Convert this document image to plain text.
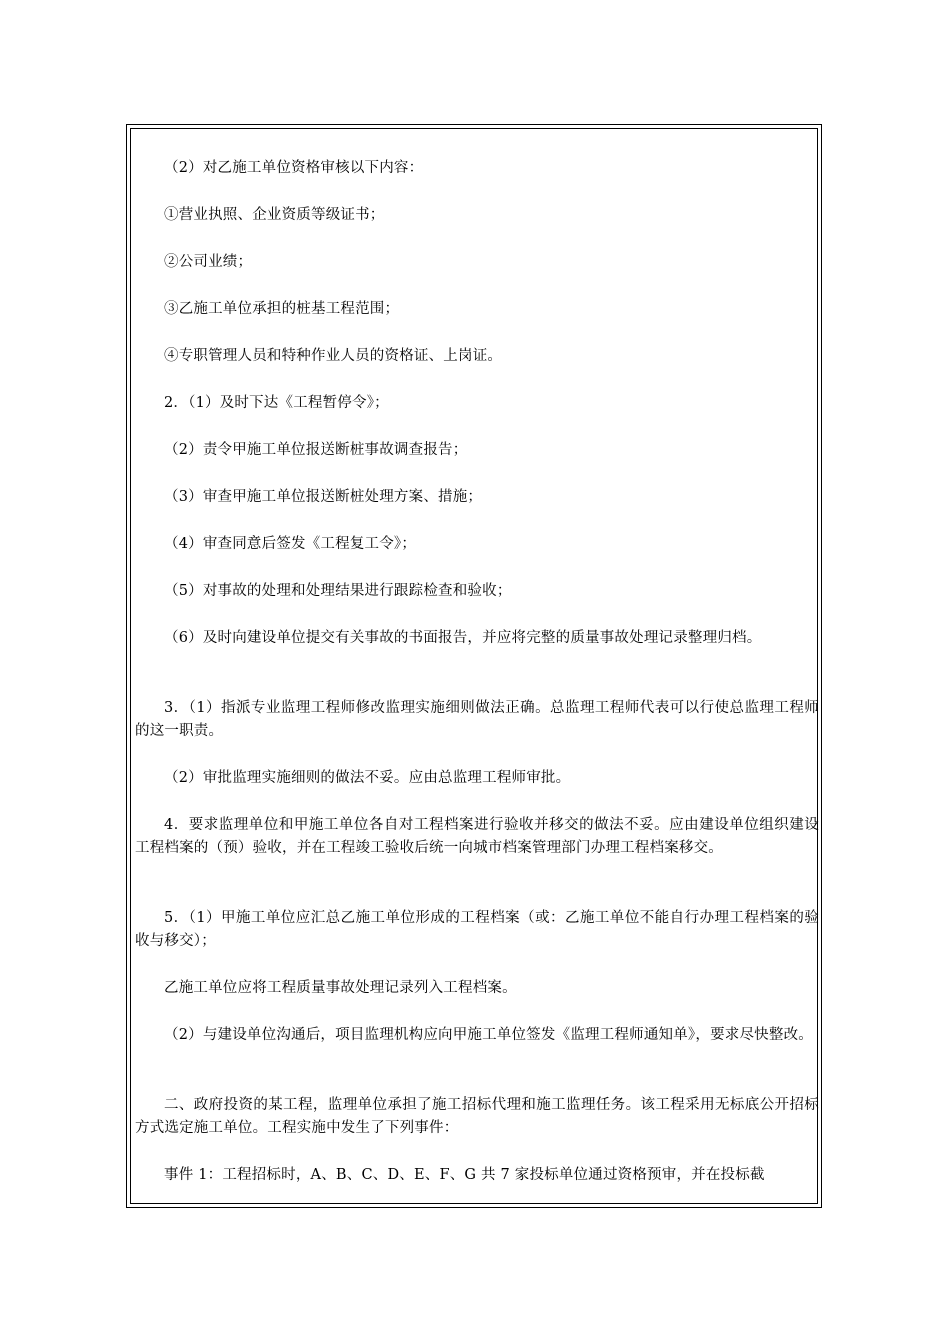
（2）对乙施工单位资格审核以下内容：
①营业执照、企业资质等级证书；
②公司业绩；
③乙施工单位承担的桩基工程范围；
④专职管理人员和特种作业人员的资格证、上岗证。
2．（1）及时下达《工程暂停令》；
（2）责令甲施工单位报送断桩事故调查报告；
（3）审查甲施工单位报送断桩处理方案、措施；
（4）审查同意后签发《工程复工令》；
（5）对事故的处理和处理结果进行跟踪检查和验收；
（6）及时向建设单位提交有关事故的书面报告，并应将完整的质量事故处理记录整理归档。
3．（1）指派专业监理工程师修改监理实施细则做法正确。总监理工程师代表可以行使总监理工程师的这一职责。
（2）审批监理实施细则的做法不妥。应由总监理工程师审批。
4．要求监理单位和甲施工单位各自对工程档案进行验收并移交的做法不妥。应由建设单位组织建设工程档案的（预）验收，并在工程竣工验收后统一向城市档案管理部门办理工程档案移交。
5．（1）甲施工单位应汇总乙施工单位形成的工程档案（或：乙施工单位不能自行办理工程档案的验收与移交）；
乙施工单位应将工程质量事故处理记录列入工程档案。
（2）与建设单位沟通后，项目监理机构应向甲施工单位签发《监理工程师通知单》，要求尽快整改。
二、政府投资的某工程，监理单位承担了施工招标代理和施工监理任务。该工程采用无标底公开招标方式选定施工单位。工程实施中发生了下列事件：
事件 1：工程招标时，A、B、C、D、E、F、G 共 7 家投标单位通过资格预审，并在投标截
